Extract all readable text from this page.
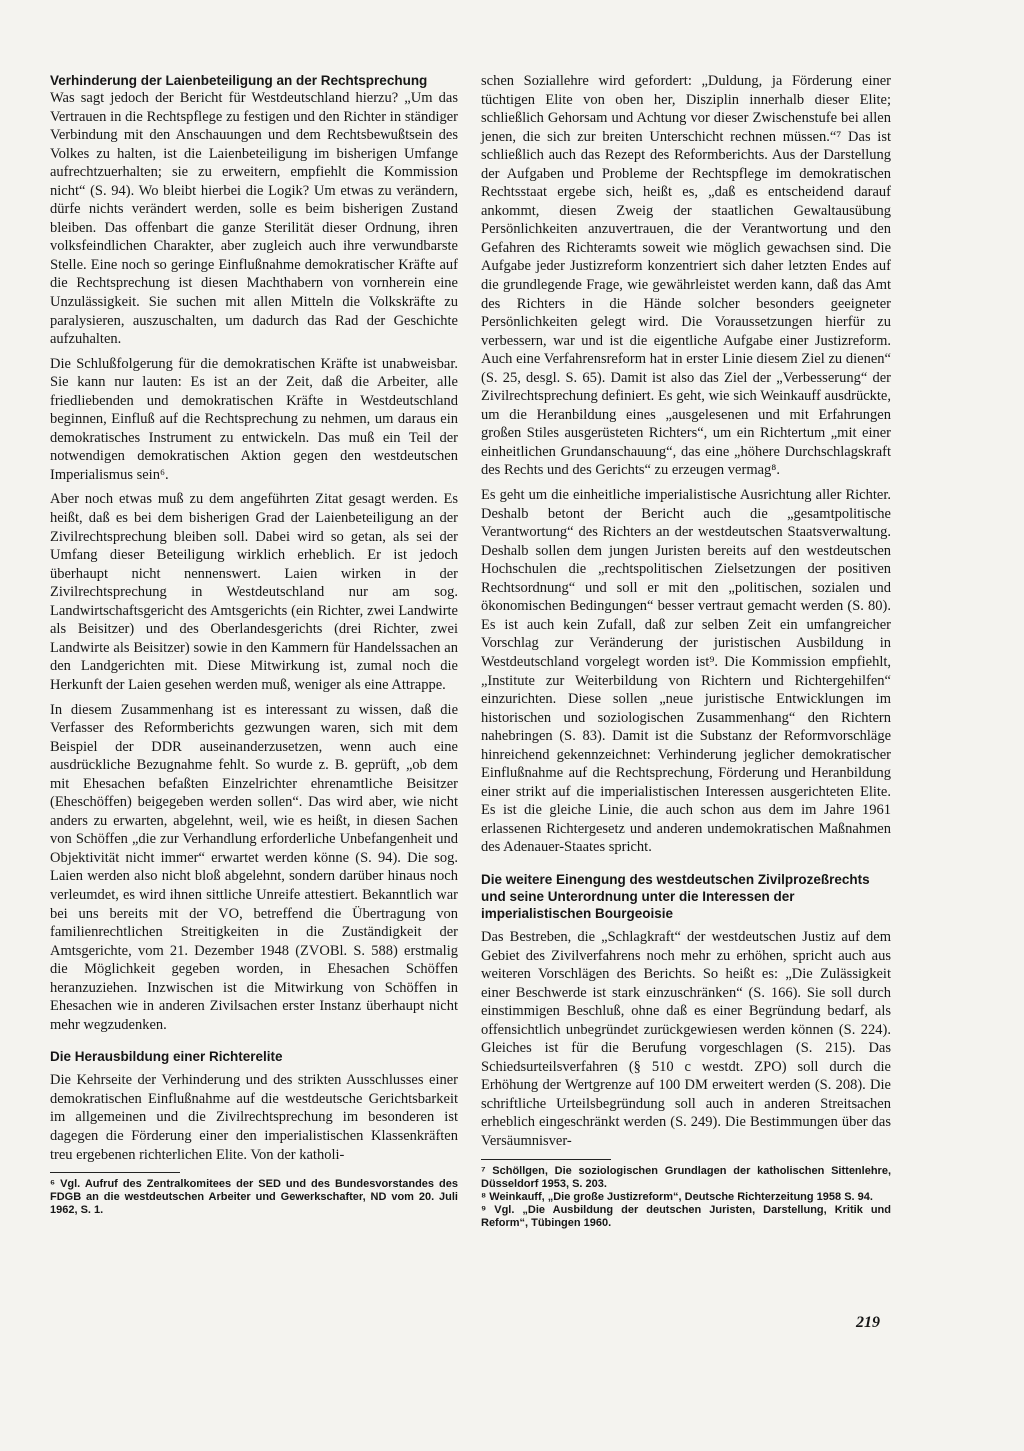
Verhinderung der Laienbeteiligung an der Rechtsprechung

Was sagt jedoch der Bericht für Westdeutschland hierzu? „Um das Vertrauen in die Rechtspflege zu festigen und den Richter in ständiger Verbindung mit den Anschauungen und dem Rechtsbewußtsein des Volkes zu halten, ist die Laienbeteiligung im bisherigen Umfange aufrechtzuerhalten; sie zu erweitern, empfiehlt die Kommission nicht“ (S. 94). Wo bleibt hierbei die Logik? Um etwas zu verändern, dürfe nichts verändert werden, solle es beim bisherigen Zustand bleiben. Das offenbart die ganze Sterilität dieser Ordnung, ihren volksfeindlichen Charakter, aber zugleich auch ihre verwundbarste Stelle. Eine noch so geringe Einflußnahme demokratischer Kräfte auf die Rechtsprechung ist diesen Machthabern von vornherein eine Unzulässigkeit. Sie suchen mit allen Mitteln die Volkskräfte zu paralysieren, auszuschalten, um dadurch das Rad der Geschichte aufzuhalten.

Die Schlußfolgerung für die demokratischen Kräfte ist unabweisbar. Sie kann nur lauten: Es ist an der Zeit, daß die Arbeiter, alle friedliebenden und demokratischen Kräfte in Westdeutschland beginnen, Einfluß auf die Rechtsprechung zu nehmen, um daraus ein demokratisches Instrument zu entwickeln. Das muß ein Teil der notwendigen demokratischen Aktion gegen den westdeutschen Imperialismus sein⁶.

Aber noch etwas muß zu dem angeführten Zitat gesagt werden. Es heißt, daß es bei dem bisherigen Grad der Laienbeteiligung an der Zivilrechtsprechung bleiben soll. Dabei wird so getan, als sei der Umfang dieser Beteiligung wirklich erheblich. Er ist jedoch überhaupt nicht nennenswert. Laien wirken in der Zivilrechtsprechung in Westdeutschland nur am sog. Landwirtschaftsgericht des Amtsgerichts (ein Richter, zwei Landwirte als Beisitzer) und des Oberlandesgerichts (drei Richter, zwei Landwirte als Beisitzer) sowie in den Kammern für Handelssachen an den Landgerichten mit. Diese Mitwirkung ist, zumal noch die Herkunft der Laien gesehen werden muß, weniger als eine Attrappe.

In diesem Zusammenhang ist es interessant zu wissen, daß die Verfasser des Reformberichts gezwungen waren, sich mit dem Beispiel der DDR auseinanderzusetzen, wenn auch eine ausdrückliche Bezugnahme fehlt. So wurde z. B. geprüft, „ob dem mit Ehesachen befaßten Einzelrichter ehrenamtliche Beisitzer (Eheschöffen) beigegeben werden sollen“. Das wird aber, wie nicht anders zu erwarten, abgelehnt, weil, wie es heißt, in diesen Sachen von Schöffen „die zur Verhandlung erforderliche Unbefangenheit und Objektivität nicht immer“ erwartet werden könne (S. 94). Die sog. Laien werden also nicht bloß abgelehnt, sondern darüber hinaus noch verleumdet, es wird ihnen sittliche Unreife attestiert. Bekanntlich war bei uns bereits mit der VO, betreffend die Übertragung von familienrechtlichen Streitigkeiten in die Zuständigkeit der Amtsgerichte, vom 21. Dezember 1948 (ZVOBl. S. 588) erstmalig die Möglichkeit gegeben worden, in Ehesachen Schöffen heranzuziehen. Inzwischen ist die Mitwirkung von Schöffen in Ehesachen wie in anderen Zivilsachen erster Instanz überhaupt nicht mehr wegzudenken.

Die Herausbildung einer Richterelite

Die Kehrseite der Verhinderung und des strikten Ausschlusses einer demokratischen Einflußnahme auf die westdeutsche Gerichtsbarkeit im allgemeinen und die Zivilrechtsprechung im besonderen ist dagegen die Förderung einer den imperialistischen Klassenkräften treu ergebenen richterlichen Elite. Von der katholi-

⁶ Vgl. Aufruf des Zentralkomitees der SED und des Bundesvorstandes des FDGB an die westdeutschen Arbeiter und Gewerkschafter, ND vom 20. Juli 1962, S. 1.

schen Soziallehre wird gefordert: „Duldung, ja Förderung einer tüchtigen Elite von oben her, Disziplin innerhalb dieser Elite; schließlich Gehorsam und Achtung vor dieser Zwischenstufe bei allen jenen, die sich zur breiten Unterschicht rechnen müssen.“⁷ Das ist schließlich auch das Rezept des Reformberichts. Aus der Darstellung der Aufgaben und Probleme der Rechtspflege im demokratischen Rechtsstaat ergebe sich, heißt es, „daß es entscheidend darauf ankommt, diesen Zweig der staatlichen Gewaltausübung Persönlichkeiten anzuvertrauen, die der Verantwortung und den Gefahren des Richteramts soweit wie möglich gewachsen sind. Die Aufgabe jeder Justizreform konzentriert sich daher letzten Endes auf die grundlegende Frage, wie gewährleistet werden kann, daß das Amt des Richters in die Hände solcher besonders geeigneter Persönlichkeiten gelegt wird. Die Voraussetzungen hierfür zu verbessern, war und ist die eigentliche Aufgabe einer Justizreform. Auch eine Verfahrensreform hat in erster Linie diesem Ziel zu dienen“ (S. 25, desgl. S. 65). Damit ist also das Ziel der „Verbesserung“ der Zivilrechtsprechung definiert. Es geht, wie sich Weinkauff ausdrückte, um die Heranbildung eines „ausgelesenen und mit Erfahrungen großen Stiles ausgerüsteten Richters“, um ein Richtertum „mit einer einheitlichen Grundanschauung“, das eine „höhere Durchschlagskraft des Rechts und des Gerichts“ zu erzeugen vermag⁸.

Es geht um die einheitliche imperialistische Ausrichtung aller Richter. Deshalb betont der Bericht auch die „gesamtpolitische Verantwortung“ des Richters an der westdeutschen Staatsverwaltung. Deshalb sollen dem jungen Juristen bereits auf den westdeutschen Hochschulen die „rechtspolitischen Zielsetzungen der positiven Rechtsordnung“ und soll er mit den „politischen, sozialen und ökonomischen Bedingungen“ besser vertraut gemacht werden (S. 80). Es ist auch kein Zufall, daß zur selben Zeit ein umfangreicher Vorschlag zur Veränderung der juristischen Ausbildung in Westdeutschland vorgelegt worden ist⁹. Die Kommission empfiehlt, „Institute zur Weiterbildung von Richtern und Richtergehilfen“ einzurichten. Diese sollen „neue juristische Entwicklungen im historischen und soziologischen Zusammenhang“ den Richtern nahebringen (S. 83). Damit ist die Substanz der Reformvorschläge hinreichend gekennzeichnet: Verhinderung jeglicher demokratischer Einflußnahme auf die Rechtsprechung, Förderung und Heranbildung einer strikt auf die imperialistischen Interessen ausgerichteten Elite. Es ist die gleiche Linie, die auch schon aus dem im Jahre 1961 erlassenen Richtergesetz und anderen undemokratischen Maßnahmen des Adenauer-Staates spricht.

Die weitere Einengung des westdeutschen Zivilprozeßrechts und seine Unterordnung unter die Interessen der imperialistischen Bourgeoisie

Das Bestreben, die „Schlagkraft“ der westdeutschen Justiz auf dem Gebiet des Zivilverfahrens noch mehr zu erhöhen, spricht auch aus weiteren Vorschlägen des Berichts. So heißt es: „Die Zulässigkeit einer Beschwerde ist stark einzuschränken“ (S. 166). Sie soll durch einstimmigen Beschluß, ohne daß es einer Begründung bedarf, als offensichtlich unbegründet zurückgewiesen werden können (S. 224). Gleiches ist für die Berufung vorgeschlagen (S. 215). Das Schiedsurteilsverfahren (§ 510 c westdt. ZPO) soll durch die Erhöhung der Wertgrenze auf 100 DM erweitert werden (S. 208). Die schriftliche Urteilsbegründung soll auch in anderen Streitsachen erheblich eingeschränkt werden (S. 249). Die Bestimmungen über das Versäumnisver-

⁷ Schöllgen, Die soziologischen Grundlagen der katholischen Sittenlehre, Düsseldorf 1953, S. 203.

⁸ Weinkauff, „Die große Justizreform“, Deutsche Richterzeitung 1958 S. 94.

⁹ Vgl. „Die Ausbildung der deutschen Juristen, Darstellung, Kritik und Reform“, Tübingen 1960.

219
